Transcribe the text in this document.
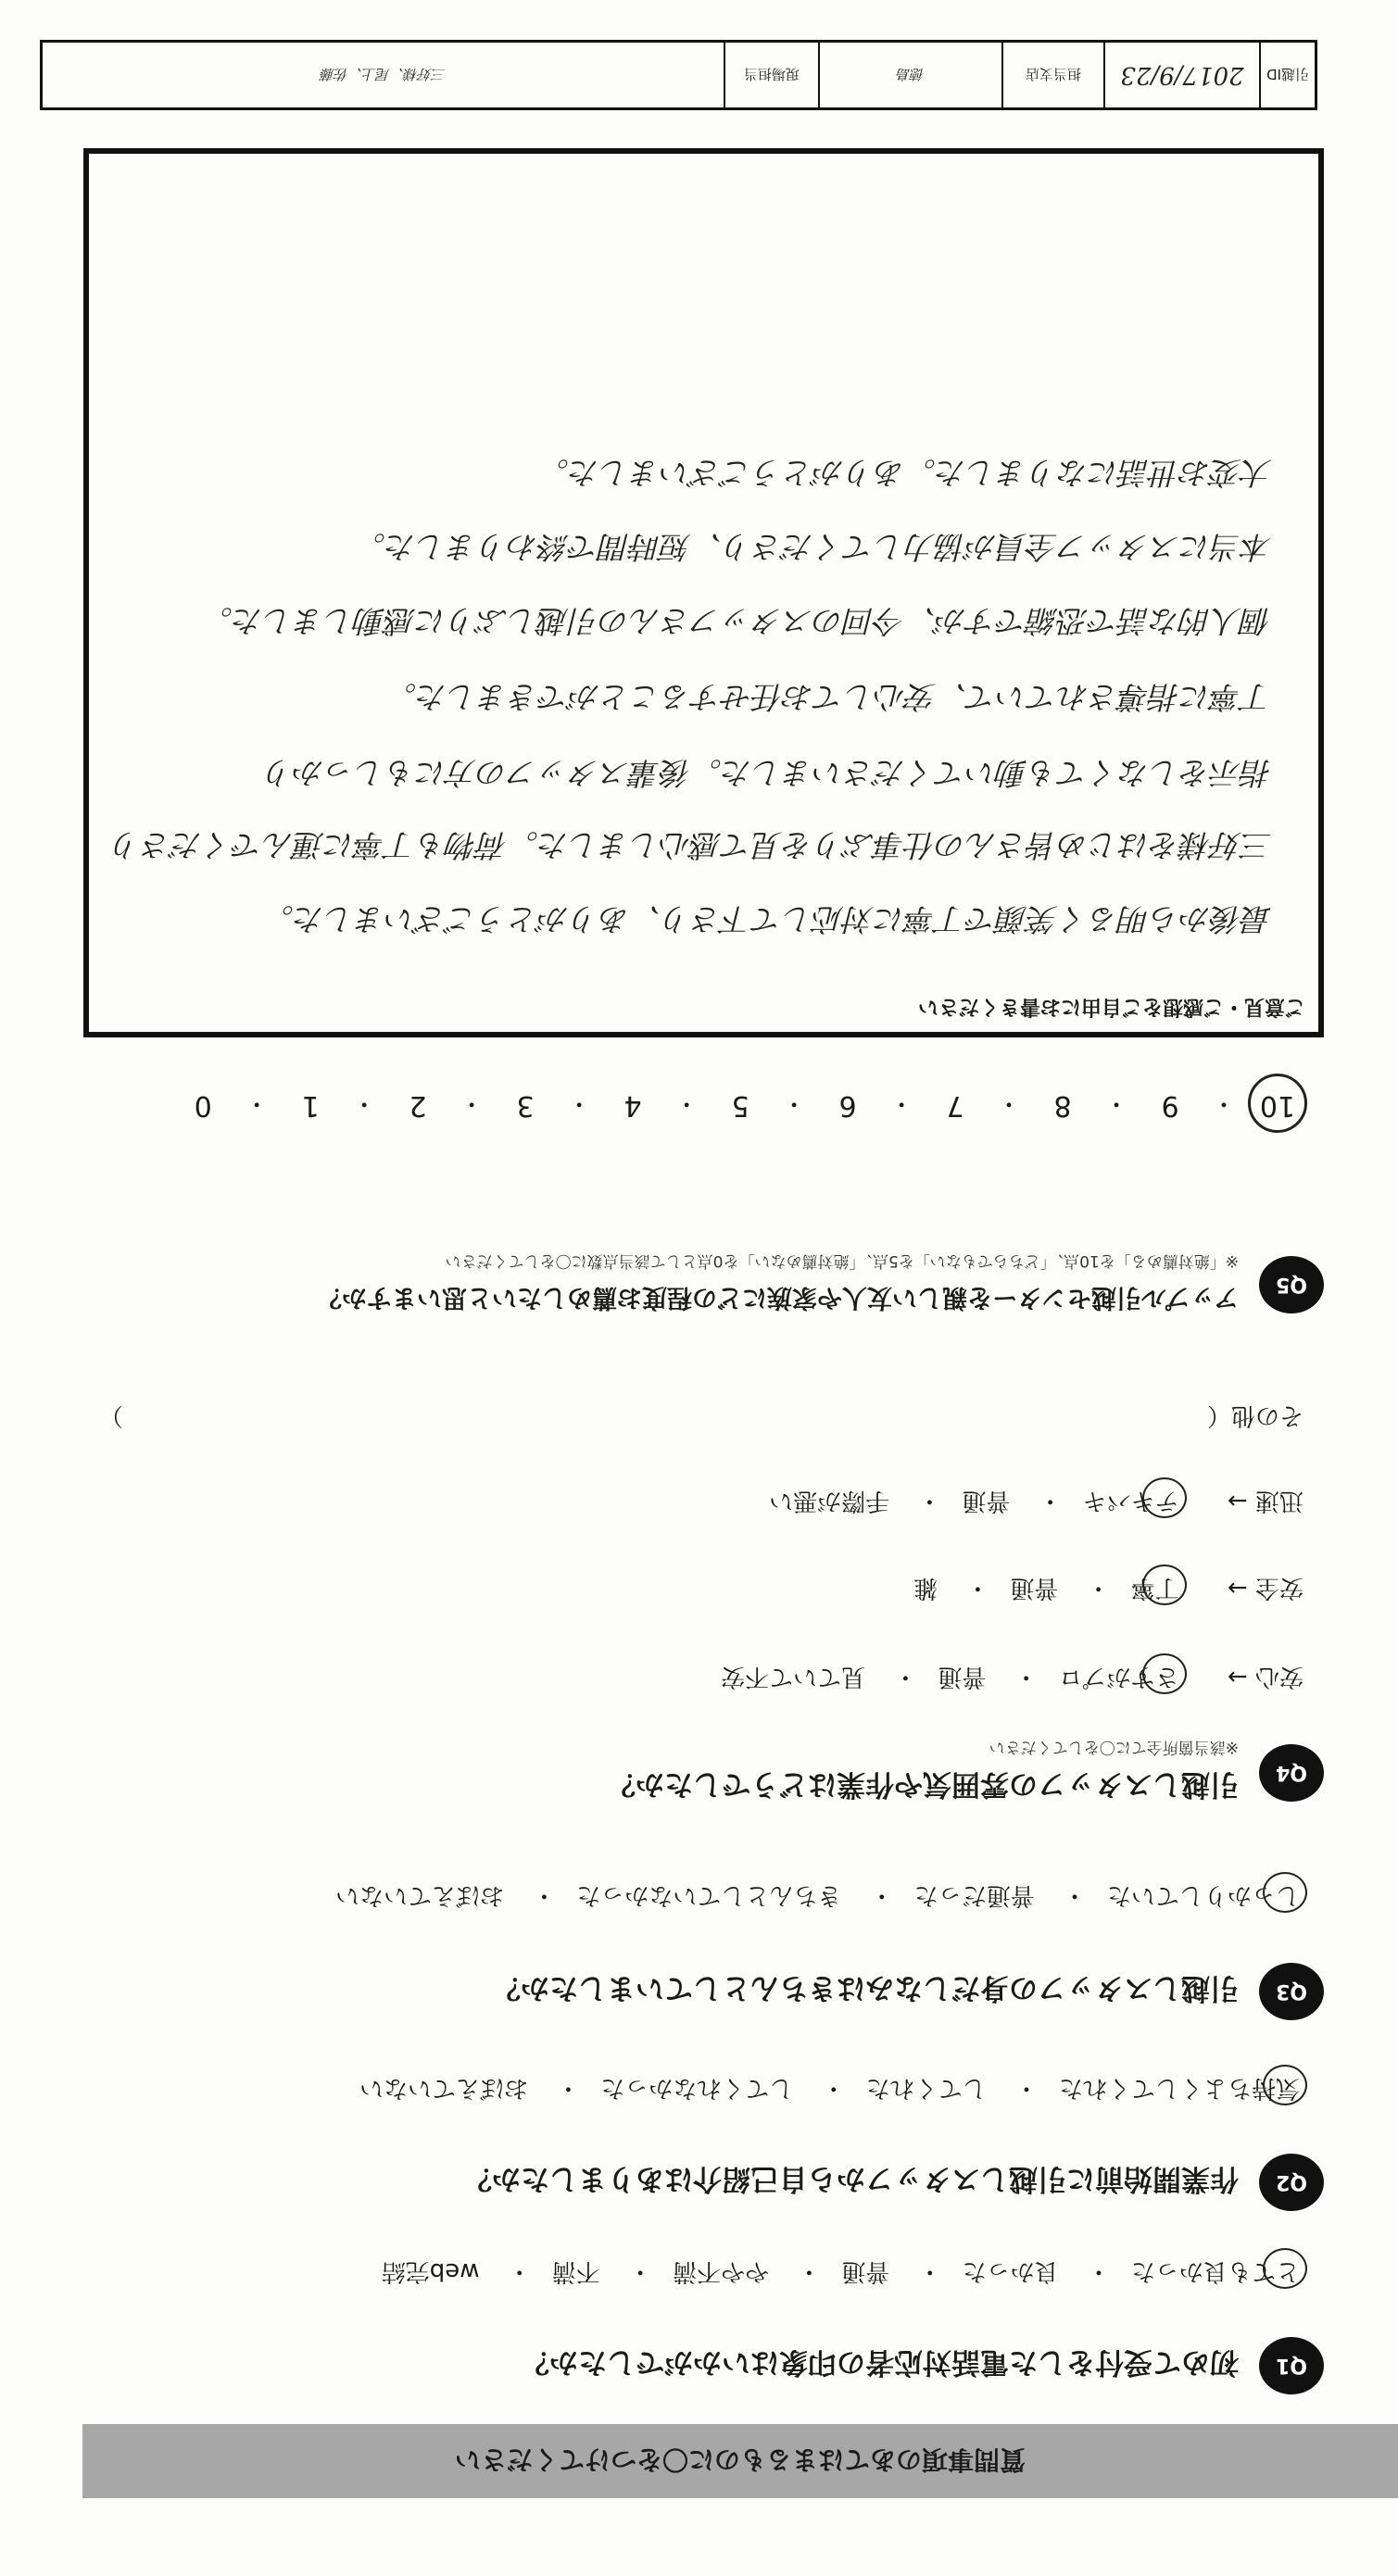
引越ID
2017/9/23
担当支店
徳島
現場担当
三好様、尾上、佐藤
ご意見・ご感想をご自由にお書きください
最後から明るく笑顔で丁寧に対応して下さり、ありがとうございました。
三好様をはじめ皆さんの仕事ぶりを見て感心しました。荷物も丁寧に運んでくださり
指示をしなくても動いてくださいました。後輩スタッフの方にもしっかり
丁寧に指導されていて、安心してお任せすることができました。
個人的な話で恐縮ですが、今回のスタッフさんの引越しぶりに感動しました。
本当にスタッフ全員が協力してくださり、短時間で終わりました。
大変お世話になりました。ありがとうございました。
10
・
9
・
8
・
7
・
6
・
5
・
4
・
3
・
2
・
1
・
0
Q5
アップル引越センターを親しい友人や家族にどの程度お薦めしたいと思いますか？
※「絶対薦める」を10点、「どちらでもない」を5点、「絶対薦めない」を0点として該当点数に〇をしてください
Q4
引越しスタッフの雰囲気や作業はどうでしたか？
※該当箇所全てに〇をしてください
安心 → さすがプロ・ 普通・ 見ていて不安
安全 → 丁寧・ 普通・ 雑
迅速 → テキパキ・ 普通・ 手際が悪い
その他（
）
Q3
引越しスタッフの身だしなみはきちんとしていましたか？
しっかりしていた・ 普通だった・ きちんとしていなかった・ おぼえていない
Q2
作業開始前に引越しスタッフから自己紹介はありましたか？
気持ちよくしてくれた・ してくれた・ してくれなかった・ おぼえていない
Q1
初めて受付をした電話対応者の印象はいかがでしたか？
とても良かった・ 良かった・ 普通・ やや不満・ 不満・ web完結
質問事項のあてはまるものに〇をつけてください
